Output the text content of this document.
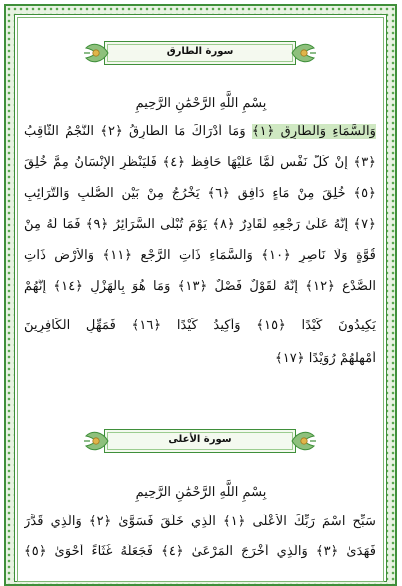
سورة الطارق
بِسْمِ اللَّهِ الرَّحْمَٰنِ الرَّحِيمِ
وَالسَّمَاءِ وَالطَّارِقِ ﴿١﴾ وَمَا أَدْرَاكَ مَا الطَّارِقُ ﴿٢﴾ النَّجْمُ الثَّاقِبُ
﴿٣﴾ إِنْ كُلُّ نَفْسٍ لَمَّا عَلَيْهَا حَافِظٌ ﴿٤﴾ فَلْيَنْظُرِ الْإِنْسَانُ مِمَّ خُلِقَ
﴿٥﴾ خُلِقَ مِنْ مَاءٍ دَافِقٍ ﴿٦﴾ يَخْرُجُ مِنْ بَيْنِ الصُّلْبِ وَالتَّرَائِبِ
﴿٧﴾ إِنَّهُ عَلَىٰ رَجْعِهِ لَقَادِرٌ ﴿٨﴾ يَوْمَ تُبْلَى السَّرَائِرُ ﴿٩﴾ فَمَا لَهُ مِنْ
قُوَّةٍ وَلَا نَاصِرٍ ﴿١٠﴾ وَالسَّمَاءِ ذَاتِ الرَّجْعِ ﴿١١﴾ وَالْأَرْضِ ذَاتِ
الصَّدْعِ ﴿١٢﴾ إِنَّهُ لَقَوْلٌ فَصْلٌ ﴿١٣﴾ وَمَا هُوَ بِالْهَزْلِ ﴿١٤﴾ إِنَّهُمْ
يَكِيدُونَ كَيْدًا ﴿١٥﴾ وَأَكِيدُ كَيْدًا ﴿١٦﴾ فَمَهِّلِ الْكَافِرِينَ
أَمْهِلْهُمْ رُوَيْدًا ﴿١٧﴾
سورة الأعلى
بِسْمِ اللَّهِ الرَّحْمَٰنِ الرَّحِيمِ
سَبِّحِ اسْمَ رَبِّكَ الْأَعْلَى ﴿١﴾ الَّذِي خَلَقَ فَسَوَّىٰ ﴿٢﴾ وَالَّذِي قَدَّرَ
فَهَدَىٰ ﴿٣﴾ وَالَّذِي أَخْرَجَ الْمَرْعَىٰ ﴿٤﴾ فَجَعَلَهُ غُثَاءً أَحْوَىٰ ﴿٥﴾
